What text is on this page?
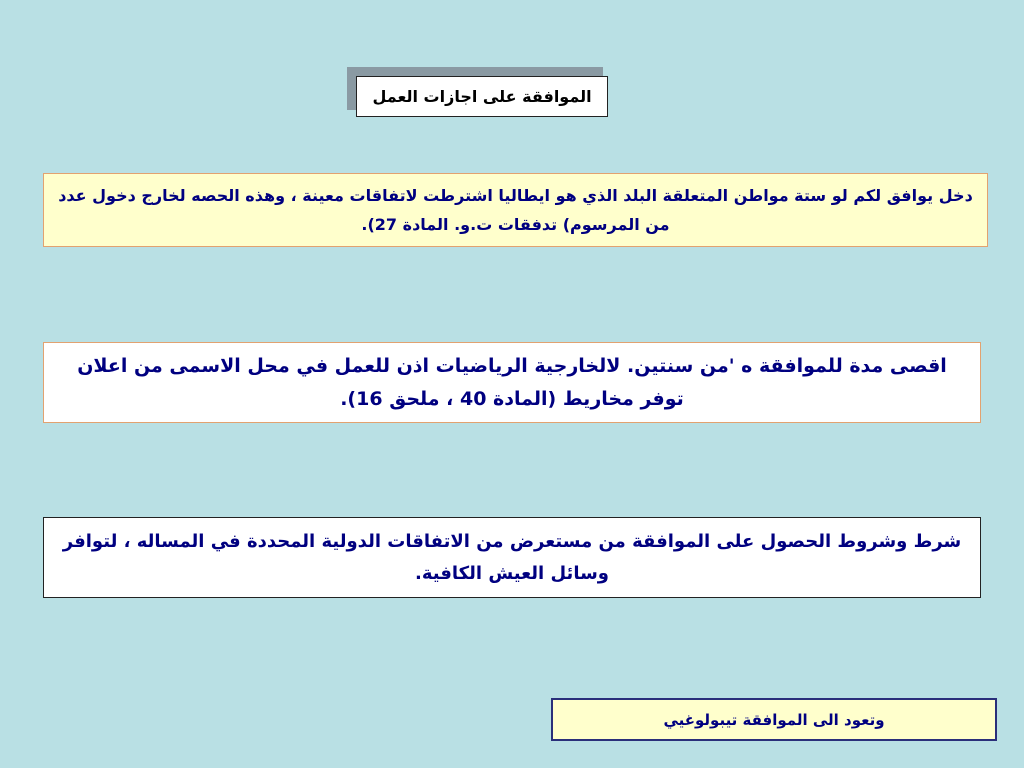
الموافقة على اجازات العمل

دخل يوافق لكم لو ستة مواطن المتعلقة البلد الذي هو ايطاليا اشترطت لاتفاقات معينة ، وهذه الحصه لخارج دخول عدد من المرسوم) تدفقات ت.و. المادة 27).

اقصى مدة للموافقة ه 'من سنتين. لالخارجية الرياضيات اذن للعمل في محل الاسمى من اعلان توفر مخاريط (المادة 40 ، ملحق 16).

شرط وشروط الحصول على الموافقة من مستعرض من الاتفاقات الدولية المحددة في المساله ، لتوافر وسائل العيش الكافية.

وتعود الى الموافقة تيبولوغيي
